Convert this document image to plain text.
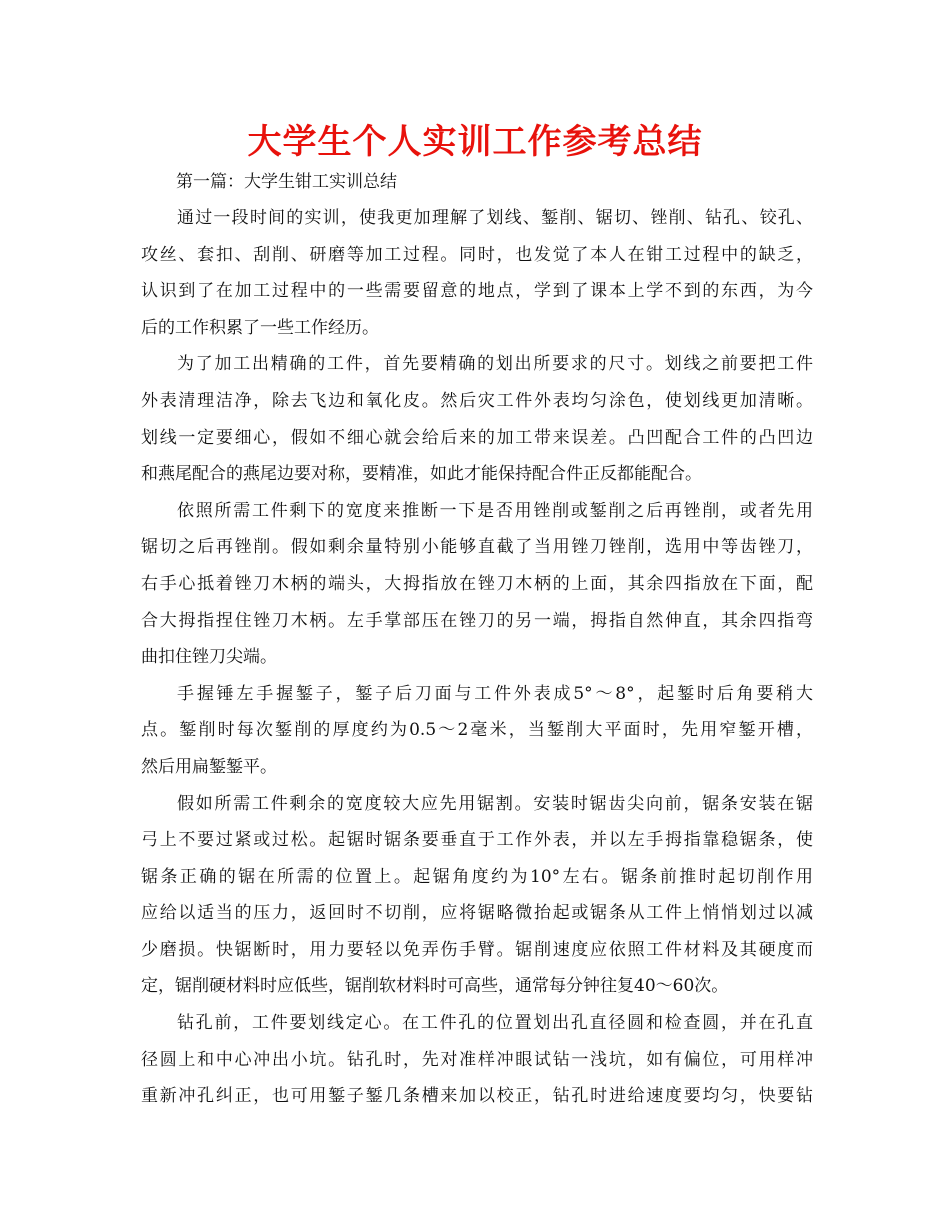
大学生个人实训工作参考总结
第一篇：大学生钳工实训总结
通过一段时间的实训，使我更加理解了划线、錾削、锯切、锉削、钻孔、铰孔、
攻丝、套扣、刮削、研磨等加工过程。同时，也发觉了本人在钳工过程中的缺乏，
认识到了在加工过程中的一些需要留意的地点，学到了课本上学不到的东西，为今
后的工作积累了一些工作经历。
为了加工出精确的工件，首先要精确的划出所要求的尺寸。划线之前要把工件
外表清理洁净，除去飞边和氧化皮。然后灾工件外表均匀涂色，使划线更加清晰。
划线一定要细心，假如不细心就会给后来的加工带来误差。凸凹配合工件的凸凹边
和燕尾配合的燕尾边要对称，要精准，如此才能保持配合件正反都能配合。
依照所需工件剩下的宽度来推断一下是否用锉削或錾削之后再锉削，或者先用
锯切之后再锉削。假如剩余量特别小能够直截了当用锉刀锉削，选用中等齿锉刀，
右手心抵着锉刀木柄的端头，大拇指放在锉刀木柄的上面，其余四指放在下面，配
合大拇指捏住锉刀木柄。左手掌部压在锉刀的另一端，拇指自然伸直，其余四指弯
曲扣住锉刀尖端。
手握锤左手握錾子，錾子后刀面与工件外表成5°～8°，起錾时后角要稍大
点。錾削时每次錾削的厚度约为0.5～2毫米，当錾削大平面时，先用窄錾开槽，
然后用扁錾錾平。
假如所需工件剩余的宽度较大应先用锯割。安装时锯齿尖向前，锯条安装在锯
弓上不要过紧或过松。起锯时锯条要垂直于工作外表，并以左手拇指靠稳锯条，使
锯条正确的锯在所需的位置上。起锯角度约为10°左右。锯条前推时起切削作用
应给以适当的压力，返回时不切削，应将锯略微抬起或锯条从工件上悄悄划过以减
少磨损。快锯断时，用力要轻以免弄伤手臂。锯削速度应依照工件材料及其硬度而
定，锯削硬材料时应低些，锯削软材料时可高些，通常每分钟往复40～60次。
钻孔前，工件要划线定心。在工件孔的位置划出孔直径圆和检查圆，并在孔直
径圆上和中心冲出小坑。钻孔时，先对准样冲眼试钻一浅坑，如有偏位，可用样冲
重新冲孔纠正，也可用錾子錾几条槽来加以校正，钻孔时进给速度要均匀，快要钻
